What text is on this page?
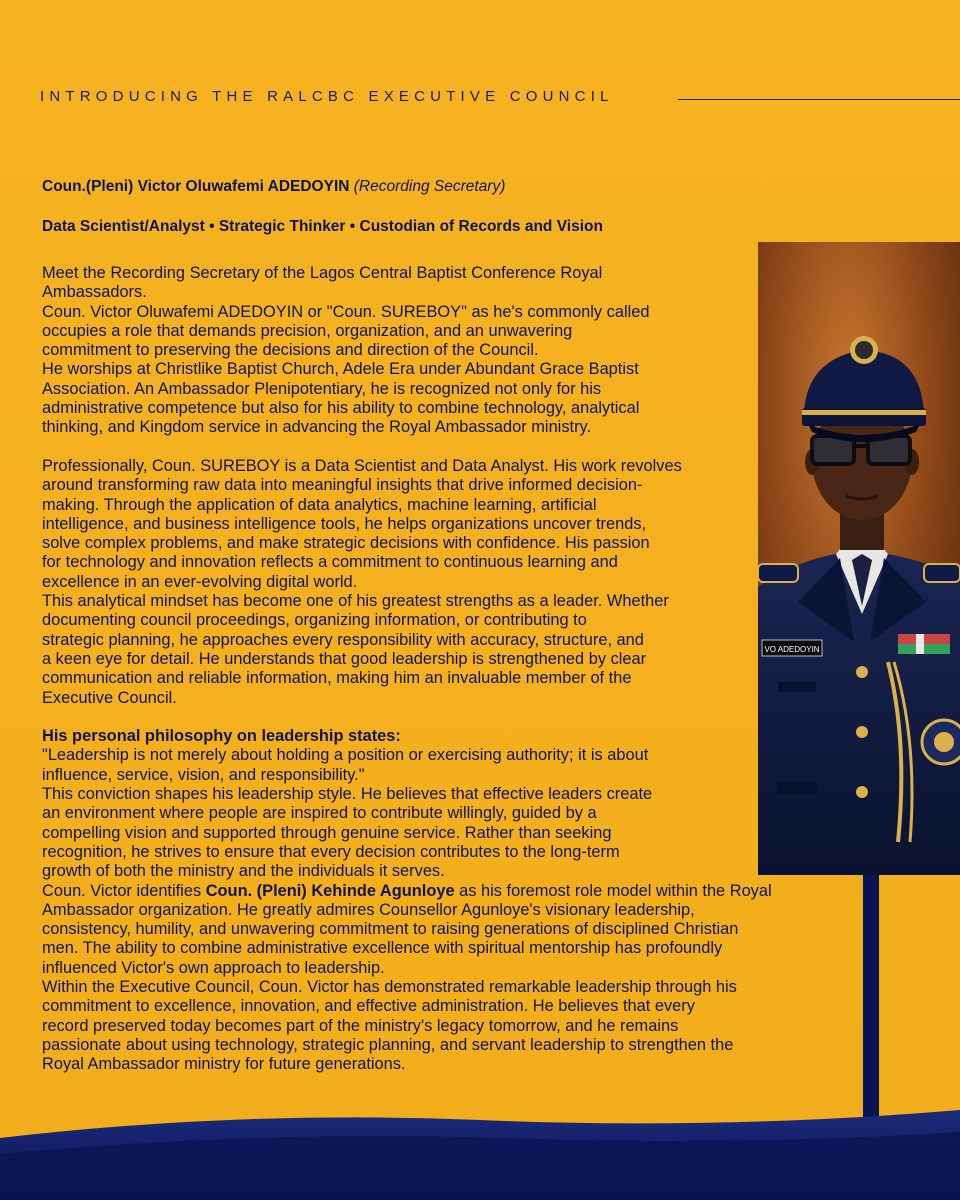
INTRODUCING THE RALCBC EXECUTIVE COUNCIL
VO ADEDOYIN
Coun.(Pleni) Victor Oluwafemi ADEDOYIN (Recording Secretary)
Data Scientist/Analyst • Strategic Thinker • Custodian of Records and Vision
Meet the Recording Secretary of the Lagos Central Baptist Conference Royal
Ambassadors.
Coun. Victor Oluwafemi ADEDOYIN or "Coun. SUREBOY" as he's commonly called
occupies a role that demands precision, organization, and an unwavering
commitment to preserving the decisions and direction of the Council.
He worships at Christlike Baptist Church, Adele Era under Abundant Grace Baptist
Association. An Ambassador Plenipotentiary, he is recognized not only for his
administrative competence but also for his ability to combine technology, analytical
thinking, and Kingdom service in advancing the Royal Ambassador ministry.
Professionally, Coun. SUREBOY is a Data Scientist and Data Analyst. His work revolves
around transforming raw data into meaningful insights that drive informed decision-
making. Through the application of data analytics, machine learning, artificial
intelligence, and business intelligence tools, he helps organizations uncover trends,
solve complex problems, and make strategic decisions with confidence. His passion
for technology and innovation reflects a commitment to continuous learning and
excellence in an ever-evolving digital world.
This analytical mindset has become one of his greatest strengths as a leader. Whether
documenting council proceedings, organizing information, or contributing to
strategic planning, he approaches every responsibility with accuracy, structure, and
a keen eye for detail. He understands that good leadership is strengthened by clear
communication and reliable information, making him an invaluable member of the
Executive Council.
His personal philosophy on leadership states:
"Leadership is not merely about holding a position or exercising authority; it is about
influence, service, vision, and responsibility."
This conviction shapes his leadership style. He believes that effective leaders create
an environment where people are inspired to contribute willingly, guided by a
compelling vision and supported through genuine service. Rather than seeking
recognition, he strives to ensure that every decision contributes to the long-term
growth of both the ministry and the individuals it serves.
Coun. Victor identifies Coun. (Pleni) Kehinde Agunloye as his foremost role model within the Royal
Ambassador organization. He greatly admires Counsellor Agunloye's visionary leadership,
consistency, humility, and unwavering commitment to raising generations of disciplined Christian
men. The ability to combine administrative excellence with spiritual mentorship has profoundly
influenced Victor's own approach to leadership.
Within the Executive Council, Coun. Victor has demonstrated remarkable leadership through his
commitment to excellence, innovation, and effective administration. He believes that every
record preserved today becomes part of the ministry's legacy tomorrow, and he remains
passionate about using technology, strategic planning, and servant leadership to strengthen the
Royal Ambassador ministry for future generations.
